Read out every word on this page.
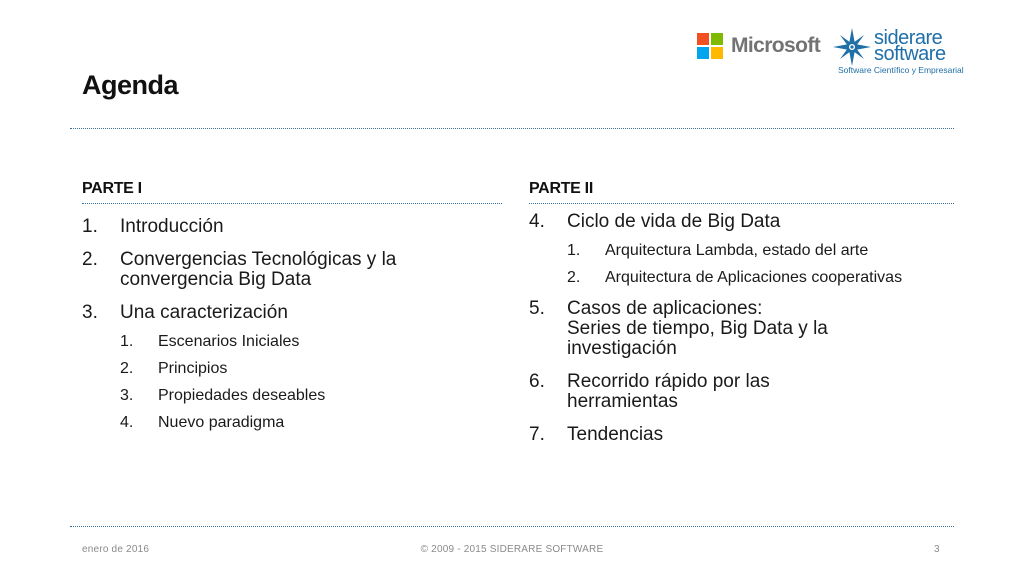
Agenda
Microsoft	siderare
software
Software Científico y Empresarial
PARTE I	PARTE II
1. Introducción
2. Convergencias Tecnológicas y la convergencia Big Data
3. Una caracterización
1. Escenarios Iniciales
2. Principios
3. Propiedades deseables
4. Nuevo paradigma
4. Ciclo de vida de Big Data
1. Arquitectura Lambda, estado del arte
2. Arquitectura de Aplicaciones cooperativas
5. Casos de aplicaciones:
Series de tiempo, Big Data y la investigación
6. Recorrido rápido por las herramientas
7. Tendencias
enero de 2016	© 2009 - 2015 SIDERARE SOFTWARE	3
